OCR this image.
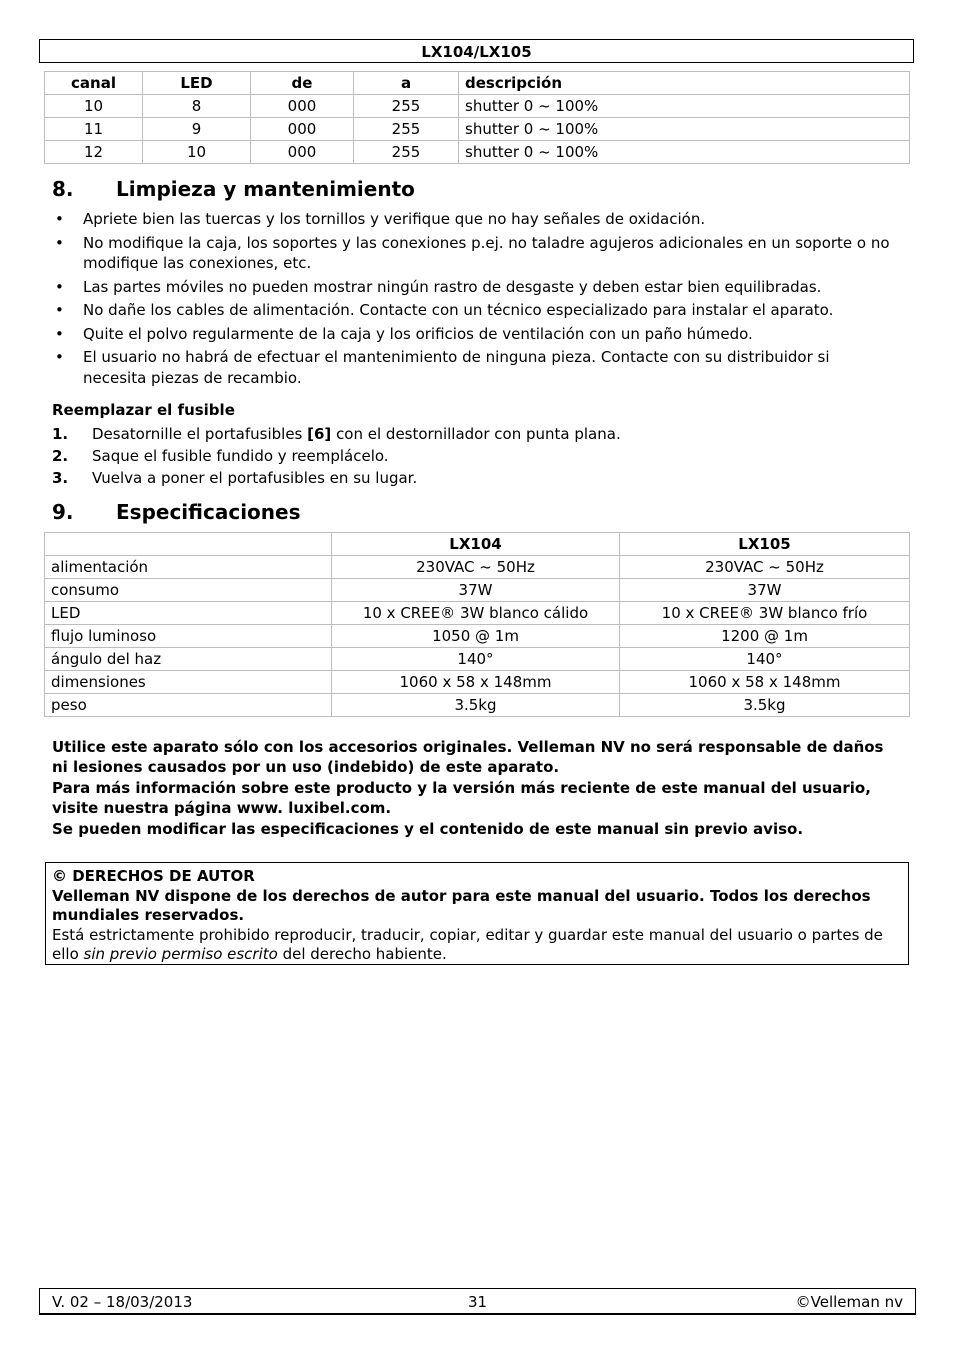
LX104/LX105
canal	LED	de	a	descripción
10	8	000	255	shutter 0 ~ 100%
11	9	000	255	shutter 0 ~ 100%
12	10	000	255	shutter 0 ~ 100%
8. Limpieza y mantenimiento
• Apriete bien las tuercas y los tornillos y verifique que no hay señales de oxidación.
• No modifique la caja, los soportes y las conexiones p.ej. no taladre agujeros adicionales en un soporte o no modifique las conexiones, etc.
• Las partes móviles no pueden mostrar ningún rastro de desgaste y deben estar bien equilibradas.
• No dañe los cables de alimentación. Contacte con un técnico especializado para instalar el aparato.
• Quite el polvo regularmente de la caja y los orificios de ventilación con un paño húmedo.
• El usuario no habrá de efectuar el mantenimiento de ninguna pieza. Contacte con su distribuidor si necesita piezas de recambio.
Reemplazar el fusible
1. Desatornille el portafusibles [6] con el destornillador con punta plana.
2. Saque el fusible fundido y reemplácelo.
3. Vuelva a poner el portafusibles en su lugar.
9. Especificaciones
	LX104	LX105
alimentación	230VAC ~ 50Hz	230VAC ~ 50Hz
consumo	37W	37W
LED	10 x CREE® 3W blanco cálido	10 x CREE® 3W blanco frío
flujo luminoso	1050 @ 1m	1200 @ 1m
ángulo del haz	140°	140°
dimensiones	1060 x 58 x 148mm	1060 x 58 x 148mm
peso	3.5kg	3.5kg
Utilice este aparato sólo con los accesorios originales. Velleman NV no será responsable de daños ni lesiones causados por un uso (indebido) de este aparato.
Para más información sobre este producto y la versión más reciente de este manual del usuario, visite nuestra página www. luxibel.com.
Se pueden modificar las especificaciones y el contenido de este manual sin previo aviso.
© DERECHOS DE AUTOR
Velleman NV dispone de los derechos de autor para este manual del usuario. Todos los derechos mundiales reservados.
Está estrictamente prohibido reproducir, traducir, copiar, editar y guardar este manual del usuario o partes de ello sin previo permiso escrito del derecho habiente.
V. 02 – 18/03/2013	31	©Velleman nv
